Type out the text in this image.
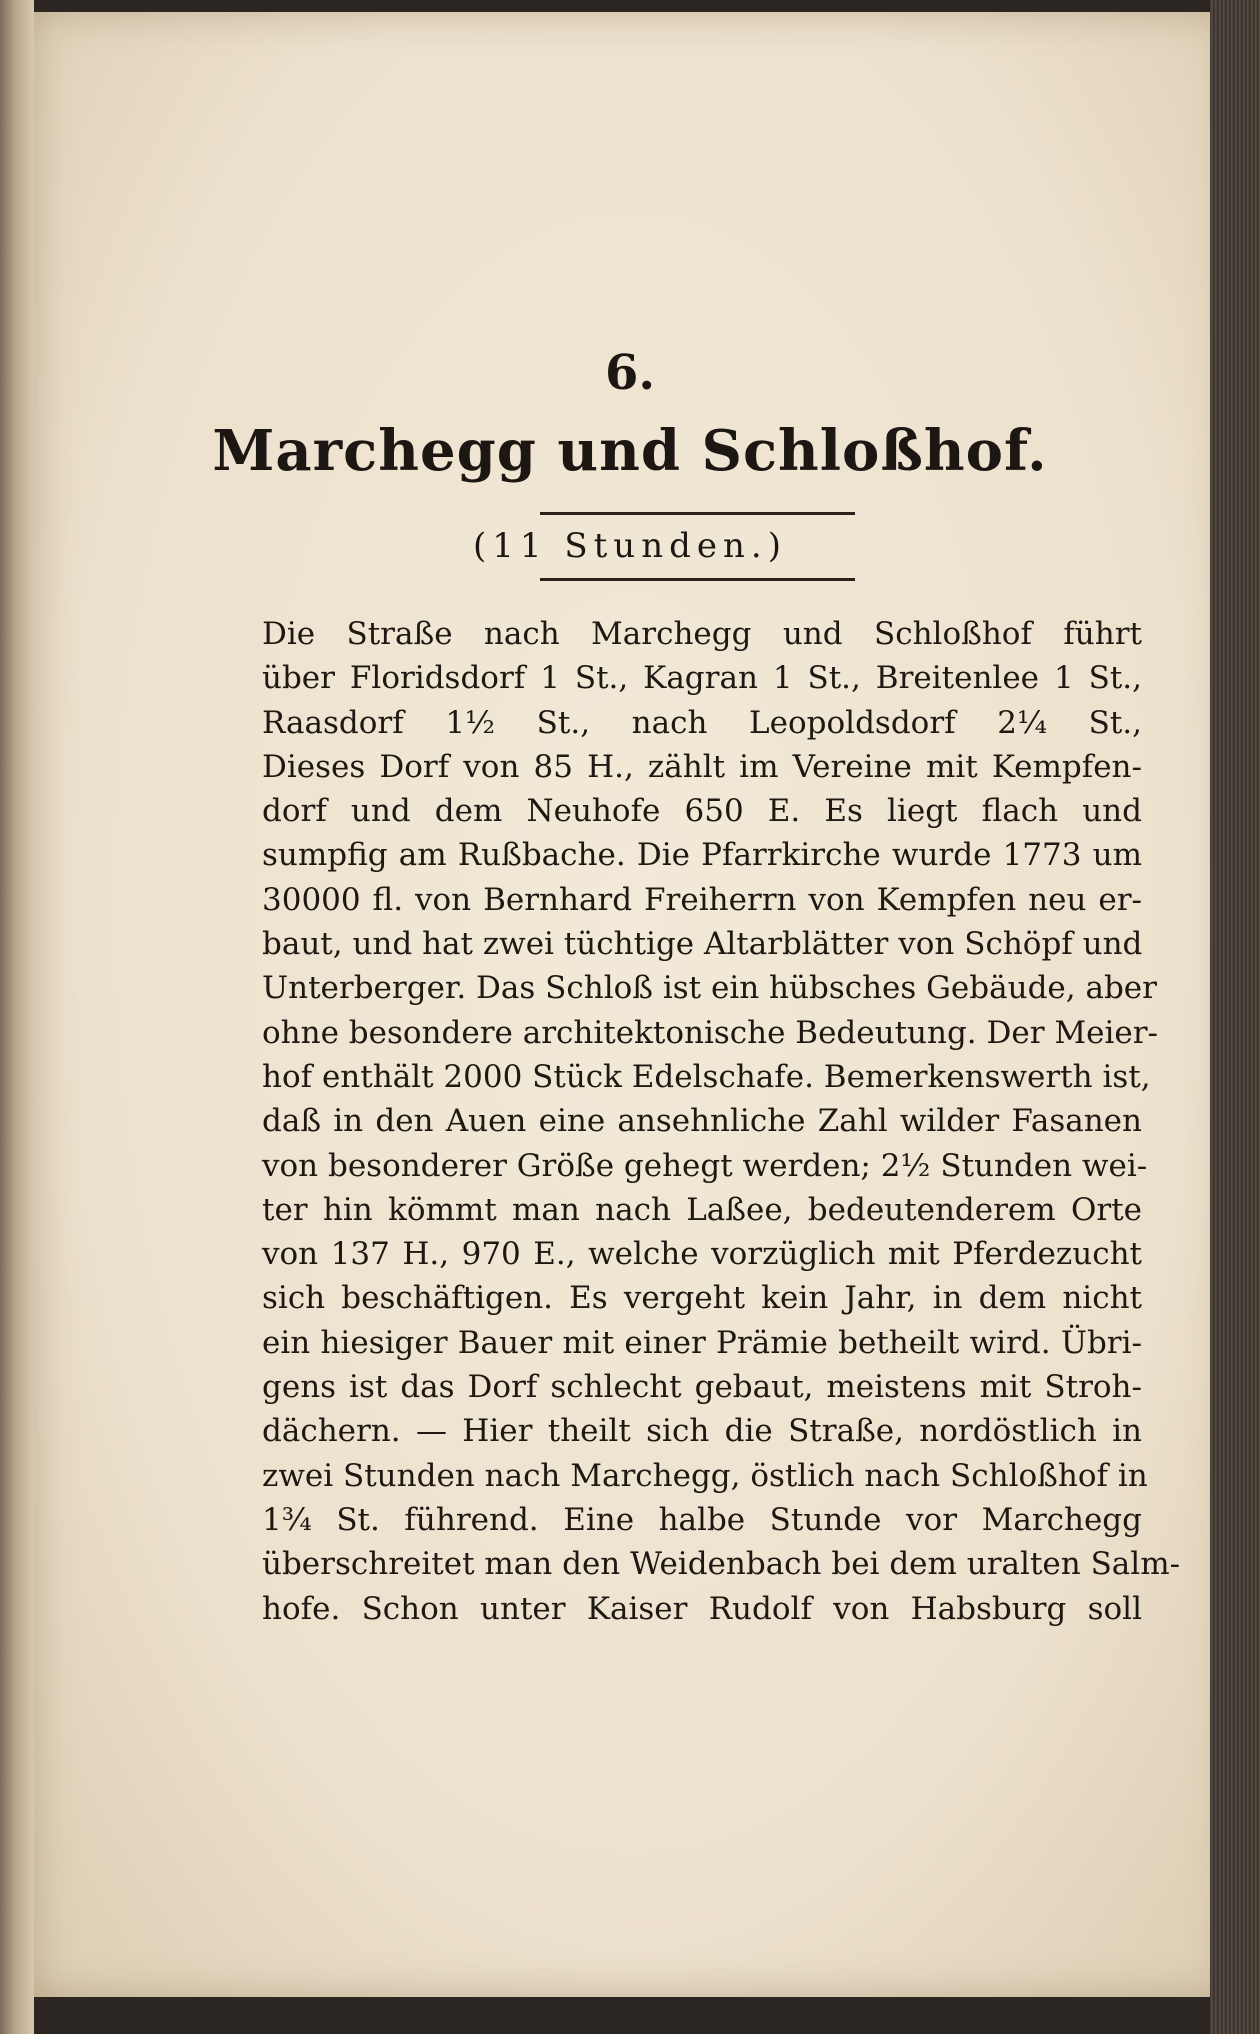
6.
Marchegg und Schloßhof.
(11 Stunden.)

Die Straße nach Marchegg und Schloßhof führt

über Floridsdorf 1 St., Kagran 1 St., Breitenlee 1 St.,

Raasdorf 1½ St., nach Leopoldsdorf 2¼ St.,

Dieses Dorf von 85 H., zählt im Vereine mit Kempfen-

dorf und dem Neuhofe 650 E. Es liegt flach und

sumpfig am Rußbache. Die Pfarrkirche wurde 1773 um

30000 fl. von Bernhard Freiherrn von Kempfen neu er-

baut, und hat zwei tüchtige Altarblätter von Schöpf und

Unterberger. Das Schloß ist ein hübsches Gebäude, aber

ohne besondere architektonische Bedeutung. Der Meier-

hof enthält 2000 Stück Edelschafe. Bemerkenswerth ist,

daß in den Auen eine ansehnliche Zahl wilder Fasanen

von besonderer Größe gehegt werden; 2½ Stunden wei-

ter hin kömmt man nach Laßee, bedeutenderem Orte

von 137 H., 970 E., welche vorzüglich mit Pferdezucht

sich beschäftigen. Es vergeht kein Jahr, in dem nicht

ein hiesiger Bauer mit einer Prämie betheilt wird. Übri-

gens ist das Dorf schlecht gebaut, meistens mit Stroh-

dächern. — Hier theilt sich die Straße, nordöstlich in

zwei Stunden nach Marchegg, östlich nach Schloßhof in

1¾ St. führend. Eine halbe Stunde vor Marchegg

überschreitet man den Weidenbach bei dem uralten Salm-

hofe. Schon unter Kaiser Rudolf von Habsburg soll
